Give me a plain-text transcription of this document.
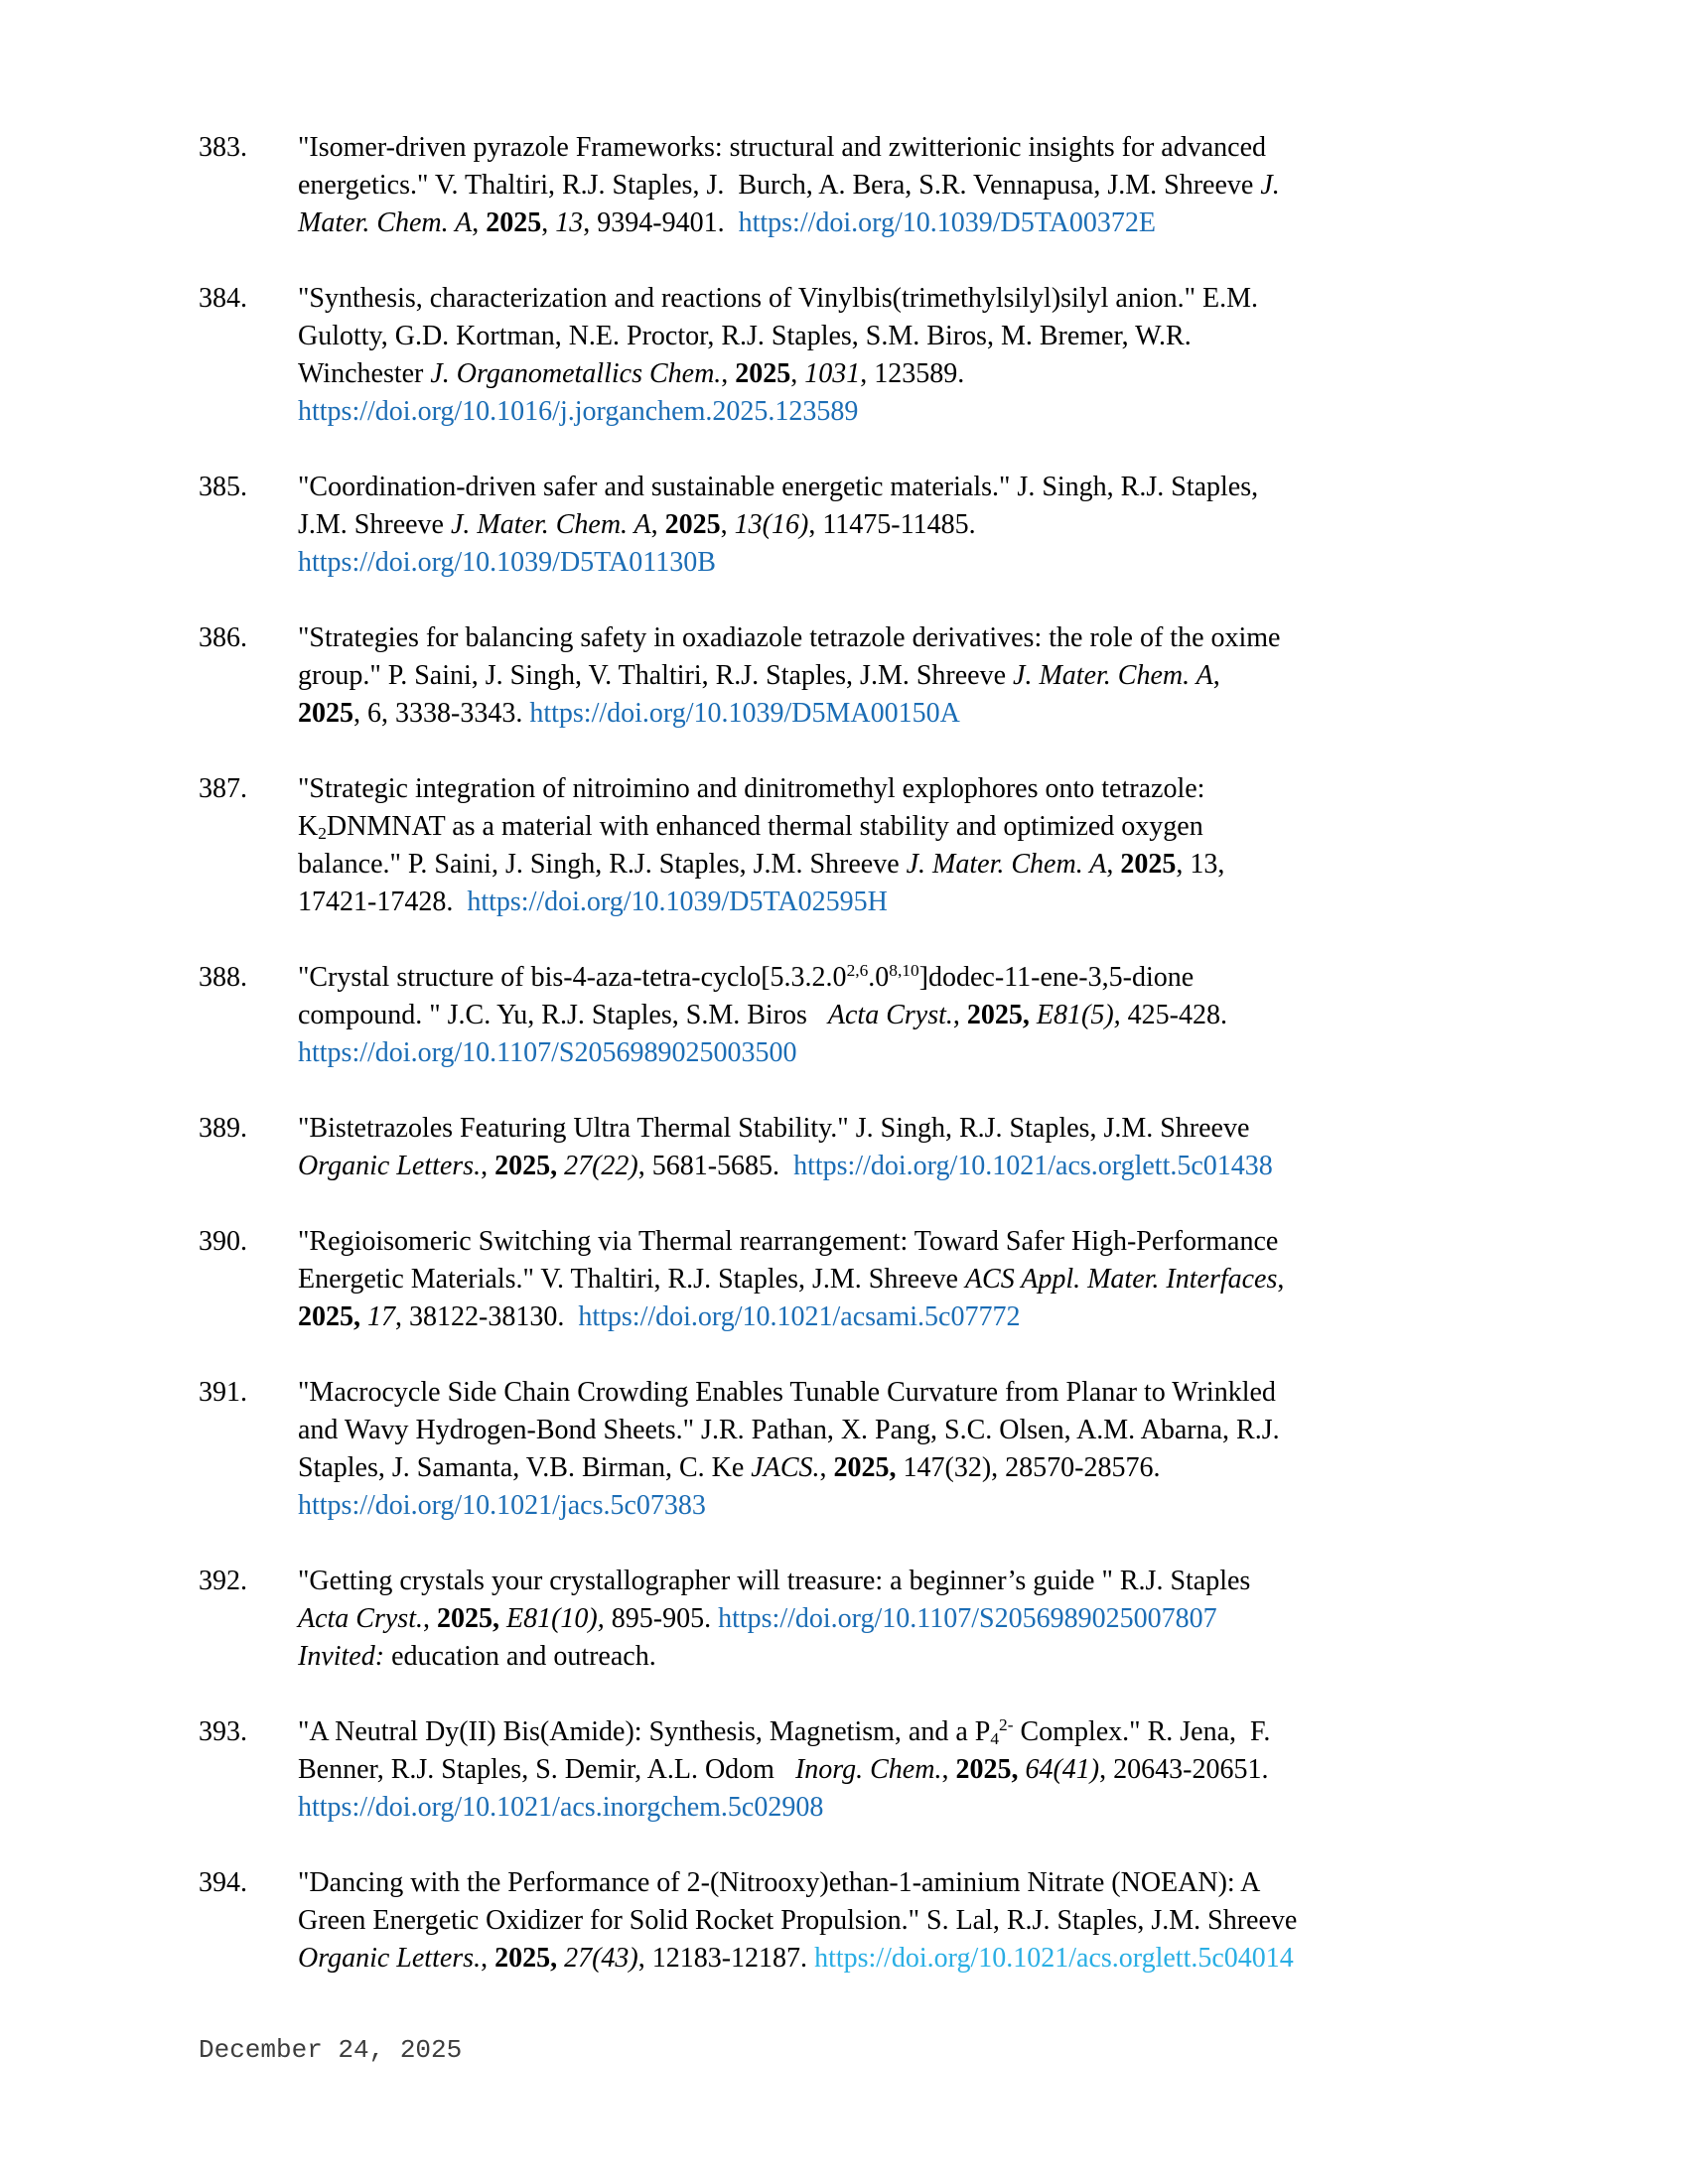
383.	"Isomer-driven pyrazole Frameworks: structural and zwitterionic insights for advanced
energetics." V. Thaltiri, R.J. Staples, J.  Burch, A. Bera, S.R. Vennapusa, J.M. Shreeve J.
Mater. Chem. A, 2025, 13, 9394-9401.  https://doi.org/10.1039/D5TA00372E
384.	"Synthesis, characterization and reactions of Vinylbis(trimethylsilyl)silyl anion." E.M.
Gulotty, G.D. Kortman, N.E. Proctor, R.J. Staples, S.M. Biros, M. Bremer, W.R.
Winchester J. Organometallics Chem., 2025, 1031, 123589.
https://doi.org/10.1016/j.jorganchem.2025.123589
385.	"Coordination-driven safer and sustainable energetic materials." J. Singh, R.J. Staples,
J.M. Shreeve J. Mater. Chem. A, 2025, 13(16), 11475-11485.
https://doi.org/10.1039/D5TA01130B
386.	"Strategies for balancing safety in oxadiazole tetrazole derivatives: the role of the oxime
group." P. Saini, J. Singh, V. Thaltiri, R.J. Staples, J.M. Shreeve J. Mater. Chem. A,
2025, 6, 3338-3343. https://doi.org/10.1039/D5MA00150A
387.	"Strategic integration of nitroimino and dinitromethyl explophores onto tetrazole:
K2DNMNAT as a material with enhanced thermal stability and optimized oxygen
balance." P. Saini, J. Singh, R.J. Staples, J.M. Shreeve J. Mater. Chem. A, 2025, 13,
17421-17428.  https://doi.org/10.1039/D5TA02595H
388.	"Crystal structure of bis-4-aza-tetra-cyclo[5.3.2.0$^{2,6}$.0$^{8,10}$]dodec-11-ene-3,5-dione
compound. " J.C. Yu, R.J. Staples, S.M. Biros   Acta Cryst., 2025, E81(5), 425-428.
https://doi.org/10.1107/S2056989025003500
389.	"Bistetrazoles Featuring Ultra Thermal Stability." J. Singh, R.J. Staples, J.M. Shreeve
Organic Letters., 2025, 27(22), 5681-5685.  https://doi.org/10.1021/acs.orglett.5c01438
390.	"Regioisomeric Switching via Thermal rearrangement: Toward Safer High-Performance
Energetic Materials." V. Thaltiri, R.J. Staples, J.M. Shreeve ACS Appl. Mater. Interfaces,
2025, 17, 38122-38130.  https://doi.org/10.1021/acsami.5c07772
391.	"Macrocycle Side Chain Crowding Enables Tunable Curvature from Planar to Wrinkled
and Wavy Hydrogen-Bond Sheets." J.R. Pathan, X. Pang, S.C. Olsen, A.M. Abarna, R.J.
Staples, J. Samanta, V.B. Birman, C. Ke JACS., 2025, 147(32), 28570-28576.
https://doi.org/10.1021/jacs.5c07383
392.	"Getting crystals your crystallographer will treasure: a beginner’s guide " R.J. Staples
Acta Cryst., 2025, E81(10), 895-905. https://doi.org/10.1107/S2056989025007807
Invited: education and outreach.
393.	"A Neutral Dy(II) Bis(Amide): Synthesis, Magnetism, and a $P4^{2-}$ Complex." R. Jena,  F.
Benner, R.J. Staples, S. Demir, A.L. Odom   Inorg. Chem., 2025, 64(41), 20643-20651.
https://doi.org/10.1021/acs.inorgchem.5c02908
394.	"Dancing with the Performance of 2-(Nitrooxy)ethan-1-aminium Nitrate (NOEAN): A
Green Energetic Oxidizer for Solid Rocket Propulsion." S. Lal, R.J. Staples, J.M. Shreeve
Organic Letters., 2025, 27(43), 12183-12187. https://doi.org/10.1021/acs.orglett.5c04014
December 24, 2025
